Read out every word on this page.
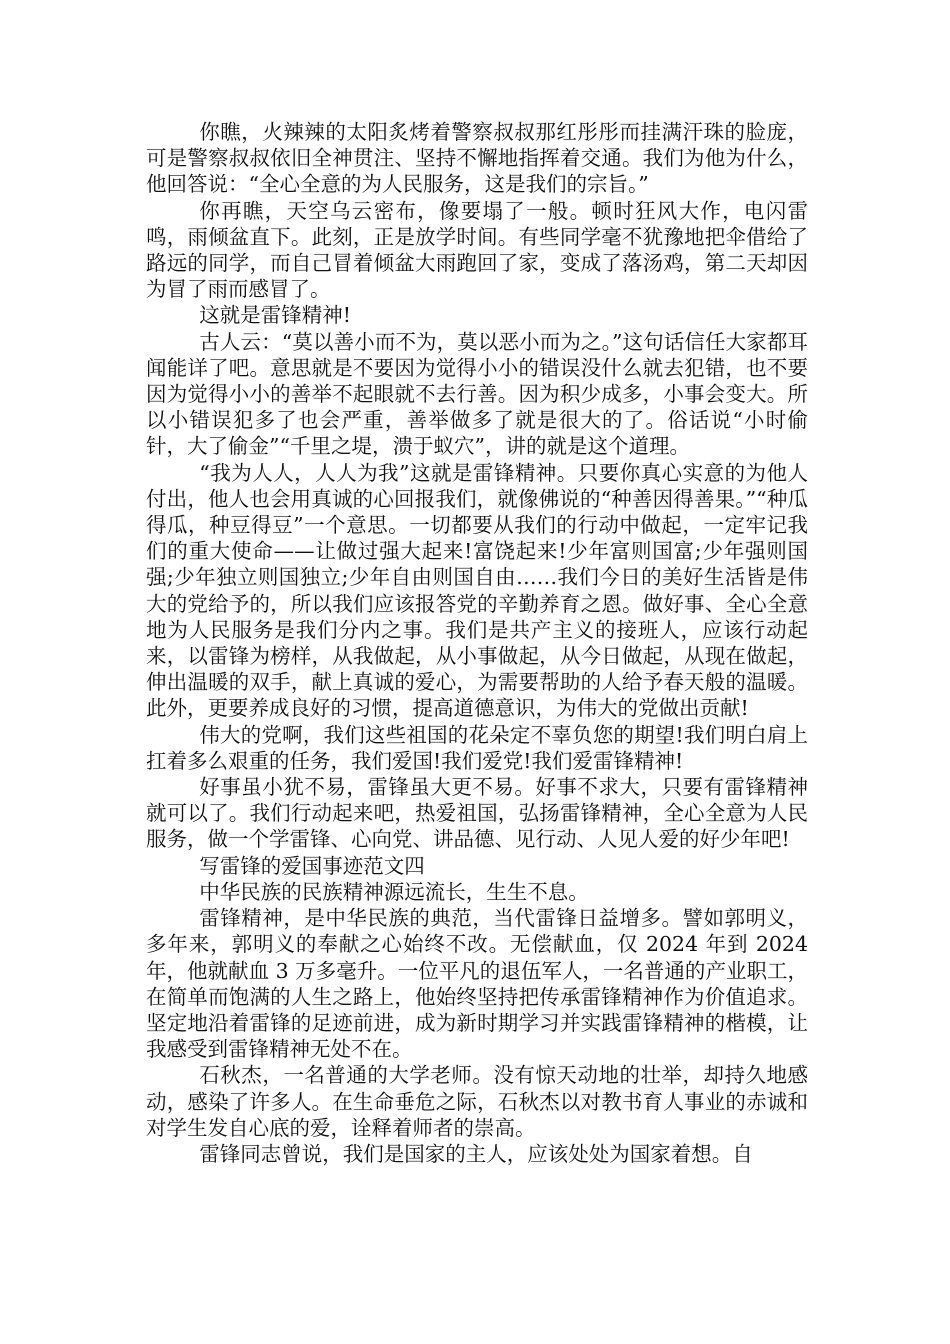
你瞧，火辣辣的太阳炙烤着警察叔叔那红彤彤而挂满汗珠的脸庞，可是警察叔叔依旧全神贯注、坚持不懈地指挥着交通。我们为他为什么，他回答说：“全心全意的为人民服务，这是我们的宗旨。”

你再瞧，天空乌云密布，像要塌了一般。顿时狂风大作，电闪雷鸣，雨倾盆直下。此刻，正是放学时间。有些同学毫不犹豫地把伞借给了路远的同学，而自己冒着倾盆大雨跑回了家，变成了落汤鸡，第二天却因为冒了雨而感冒了。

这就是雷锋精神!

古人云：“莫以善小而不为，莫以恶小而为之。”这句话信任大家都耳闻能详了吧。意思就是不要因为觉得小小的错误没什么就去犯错，也不要因为觉得小小的善举不起眼就不去行善。因为积少成多，小事会变大。所以小错误犯多了也会严重，善举做多了就是很大的了。俗话说“小时偷针，大了偷金”“千里之堤，溃于蚁穴”，讲的就是这个道理。

“我为人人，人人为我”这就是雷锋精神。只要你真心实意的为他人付出，他人也会用真诚的心回报我们，就像佛说的“种善因得善果。”“种瓜得瓜，种豆得豆”一个意思。一切都要从我们的行动中做起，一定牢记我们的重大使命——让做过强大起来!富饶起来!少年富则国富;少年强则国强;少年独立则国独立;少年自由则国自由……我们今日的美好生活皆是伟大的党给予的，所以我们应该报答党的辛勤养育之恩。做好事、全心全意地为人民服务是我们分内之事。我们是共产主义的接班人，应该行动起来，以雷锋为榜样，从我做起，从小事做起，从今日做起，从现在做起，伸出温暖的双手，献上真诚的爱心，为需要帮助的人给予春天般的温暖。此外，更要养成良好的习惯，提高道德意识，为伟大的党做出贡献!

伟大的党啊，我们这些祖国的花朵定不辜负您的期望!我们明白肩上扛着多么艰重的任务，我们爱国!我们爱党!我们爱雷锋精神!

好事虽小犹不易，雷锋虽大更不易。好事不求大，只要有雷锋精神就可以了。我们行动起来吧，热爱祖国，弘扬雷锋精神，全心全意为人民服务，做一个学雷锋、心向党、讲品德、见行动、人见人爱的好少年吧!

写雷锋的爱国事迹范文四

中华民族的民族精神源远流长，生生不息。

雷锋精神，是中华民族的典范，当代雷锋日益增多。譬如郭明义，多年来，郭明义的奉献之心始终不改。无偿献血，仅 2024 年到 2024 年，他就献血 3 万多毫升。一位平凡的退伍军人，一名普通的产业职工，在简单而饱满的人生之路上，他始终坚持把传承雷锋精神作为价值追求。坚定地沿着雷锋的足迹前进，成为新时期学习并实践雷锋精神的楷模，让我感受到雷锋精神无处不在。

石秋杰，一名普通的大学老师。没有惊天动地的壮举，却持久地感动，感染了许多人。在生命垂危之际，石秋杰以对教书育人事业的赤诚和对学生发自心底的爱，诠释着师者的崇高。

雷锋同志曾说，我们是国家的主人，应该处处为国家着想。自
